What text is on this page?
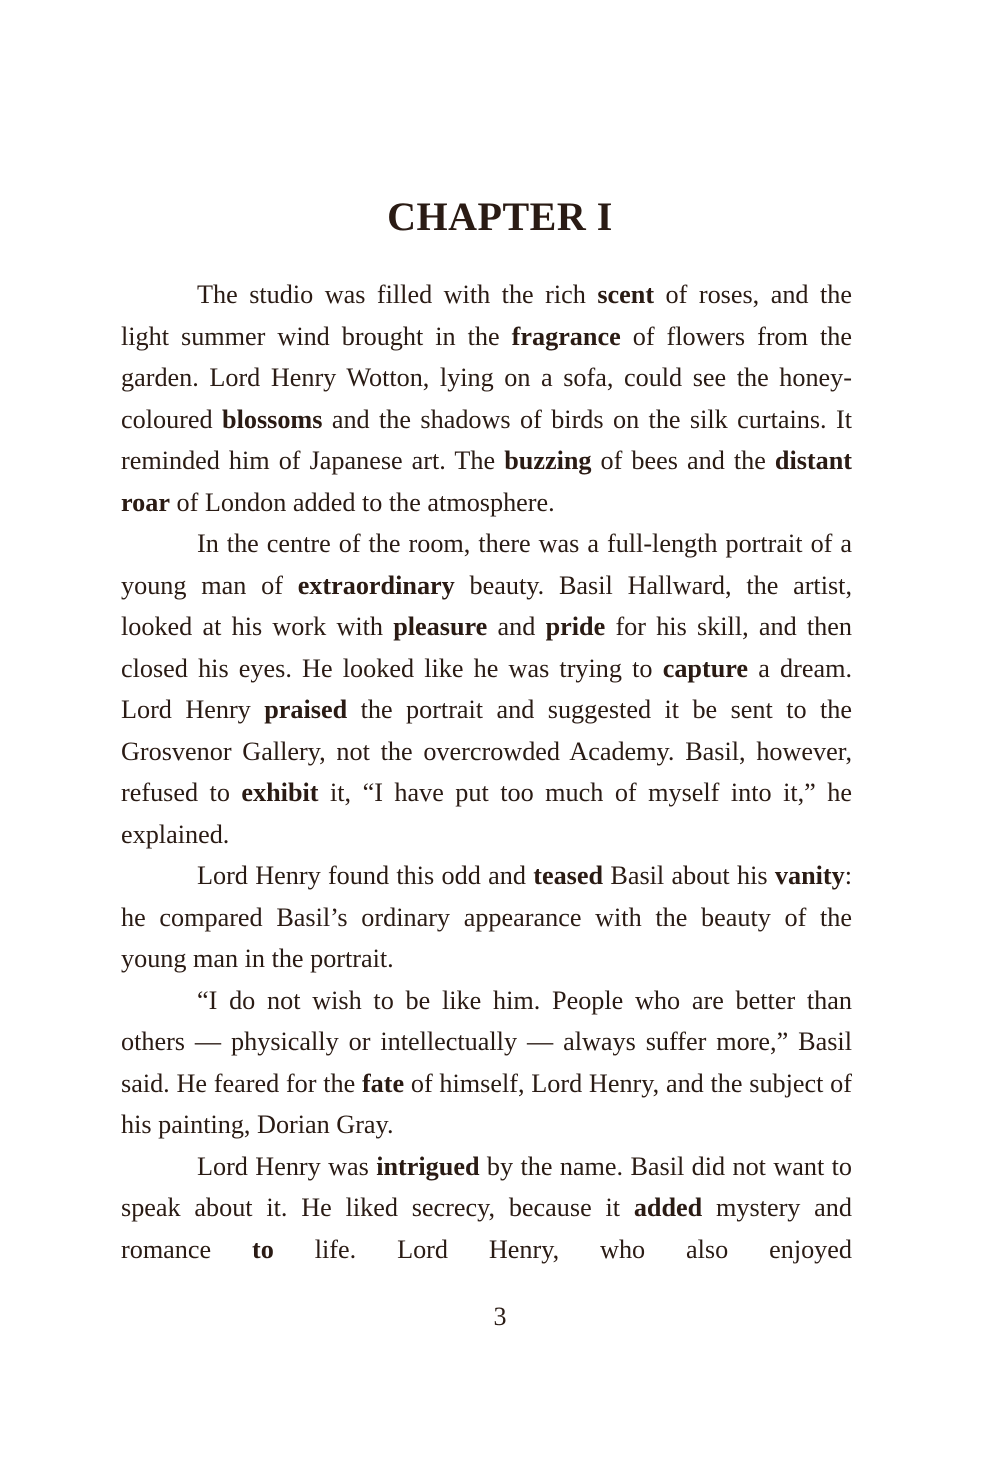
CHAPTER I

The studio was filled with the rich scent of roses, and the light summer wind brought in the fragrance of flowers from the garden. Lord Henry Wotton, lying on a sofa, could see the honey-coloured blossoms and the shadows of birds on the silk curtains. It reminded him of Japanese art. The buzzing of bees and the distant roar of London added to the atmosphere.

In the centre of the room, there was a full-length portrait of a young man of extraordinary beauty. Basil Hallward, the artist, looked at his work with pleasure and pride for his skill, and then closed his eyes. He looked like he was trying to capture a dream. Lord Henry praised the portrait and suggested it be sent to the Grosvenor Gallery, not the overcrowded Academy. Basil, however, refused to exhibit it, “I have put too much of myself into it,” he explained.

Lord Henry found this odd and teased Basil about his vanity: he compared Basil’s ordinary appearance with the beauty of the young man in the portrait.

“I do not wish to be like him. People who are better than others — physically or intellectually — always suffer more,” Basil said. He feared for the fate of himself, Lord Henry, and the subject of his painting, Dorian Gray.

Lord Henry was intrigued by the name. Basil did not want to speak about it. He liked secrecy, because it added mystery and romance to life. Lord Henry, who also enjoyed

3
